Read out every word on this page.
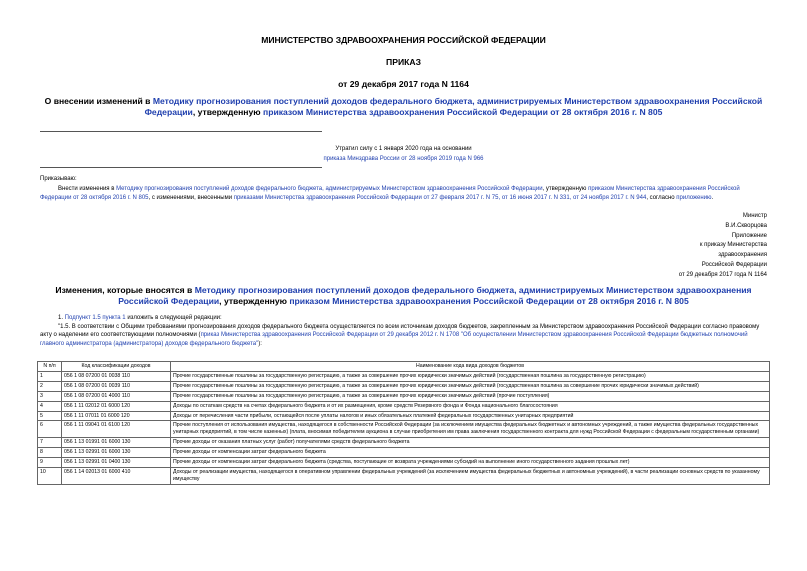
МИНИСТЕРСТВО ЗДРАВООХРАНЕНИЯ РОССИЙСКОЙ ФЕДЕРАЦИИ
ПРИКАЗ
от 29 декабря 2017 года N 1164
О внесении изменений в Методику прогнозирования поступлений доходов федерального бюджета, администрируемых Министерством здравоохранения Российской Федерации, утвержденную приказом Министерства здравоохранения Российской Федерации от 28 октября 2016 г. N 805
Утратил силу с 1 января 2020 года на основании
приказа Минздрава России от 28 ноября 2019 года N 966

Приказываю:

Внести изменения в Методику прогнозирования поступлений доходов федерального бюджета, администрируемых Министерством здравоохранения Российской Федерации, утвержденную приказом Министерства здравоохранения Российской Федерации от 28 октября 2016 г. N 805, с изменениями, внесенными приказами Министерства здравоохранения Российской Федерации от 27 февраля 2017 г. N 75, от 16 июня 2017 г. N 331, от 24 ноября 2017 г. N 944, согласно приложению.

Министр
В.И.Скворцова
Приложение
к приказу Министерства
здравоохранения
Российской Федерации
от 29 декабря 2017 года N 1164
Изменения, которые вносятся в Методику прогнозирования поступлений доходов федерального бюджета, администрируемых Министерством здравоохранения Российской Федерации, утвержденную приказом Министерства здравоохранения Российской Федерации от 28 октября 2016 г. N 805

1. Подпункт 1.5 пункта 1 изложить в следующей редакции:

"1.5. В соответствии с Общими требованиями прогнозирования доходов федерального бюджета осуществляется по всем источникам доходов бюджетов, закрепленным за Министерством здравоохранения Российской Федерации согласно правовому акту о наделении его соответствующими полномочиями (приказ Министерства здравоохранения Российской Федерации от 29 декабря 2012 г. N 1708 "Об осуществлении Министерством здравоохранения Российской Федерации бюджетных полномочий главного администратора (администратора) доходов федерального бюджета"):

N п/п	Код классификации доходов	Наименование кода вида доходов бюджетов
1	056 1 08 07200 01 0038 110	Прочие государственные пошлины за государственную регистрацию, а также за совершение прочих юридически значимых действий (государственная пошлина за государственную регистрацию)
2	056 1 08 07200 01 0039 110	Прочие государственные пошлины за государственную регистрацию, а также за совершение прочих юридически значимых действий (государственная пошлина за совершение прочих юридически значимых действий)
3	056 1 08 07200 01 4000 110	Прочие государственные пошлины за государственную регистрацию, а также за совершение прочих юридически значимых действий (прочие поступления)
4	056 1 11 02012 01 6000 120	Доходы по остаткам средств на счетах федерального бюджета и от их размещения, кроме средств Резервного фонда и Фонда национального благосостояния
5	056 1 11 07011 01 6000 120	Доходы от перечисления части прибыли, остающейся после уплаты налогов и иных обязательных платежей федеральных государственных унитарных предприятий
6	056 1 11 09041 01 6100 120	Прочие поступления от использования имущества, находящегося в собственности Российской Федерации (за исключением имущества федеральных бюджетных и автономных учреждений, а также имущества федеральных государственных унитарных предприятий, в том числе казенных) (плата, вносимая победителем аукциона в случае приобретения им права заключения государственного контракта для нужд Российской Федерации с федеральным государственным органами)
7	056 1 13 01991 01 6000 130	Прочие доходы от оказания платных услуг (работ) получателями средств федерального бюджета
8	056 1 13 02991 01 6000 130	Прочие доходы от компенсации затрат федерального бюджета
9	056 1 13 02991 01 0400 130	Прочие доходы от компенсации затрат федерального бюджета (средства, поступающие от возврата учреждениями субсидий на выполнение иного государственного задания прошлых лет)
10	056 1 14 02013 01 6000 410	Доходы от реализации имущества, находящегося в оперативном управлении федеральных учреждений (за исключением имущества федеральных бюджетных и автономных учреждений), в части реализации основных средств по указанному имуществу
